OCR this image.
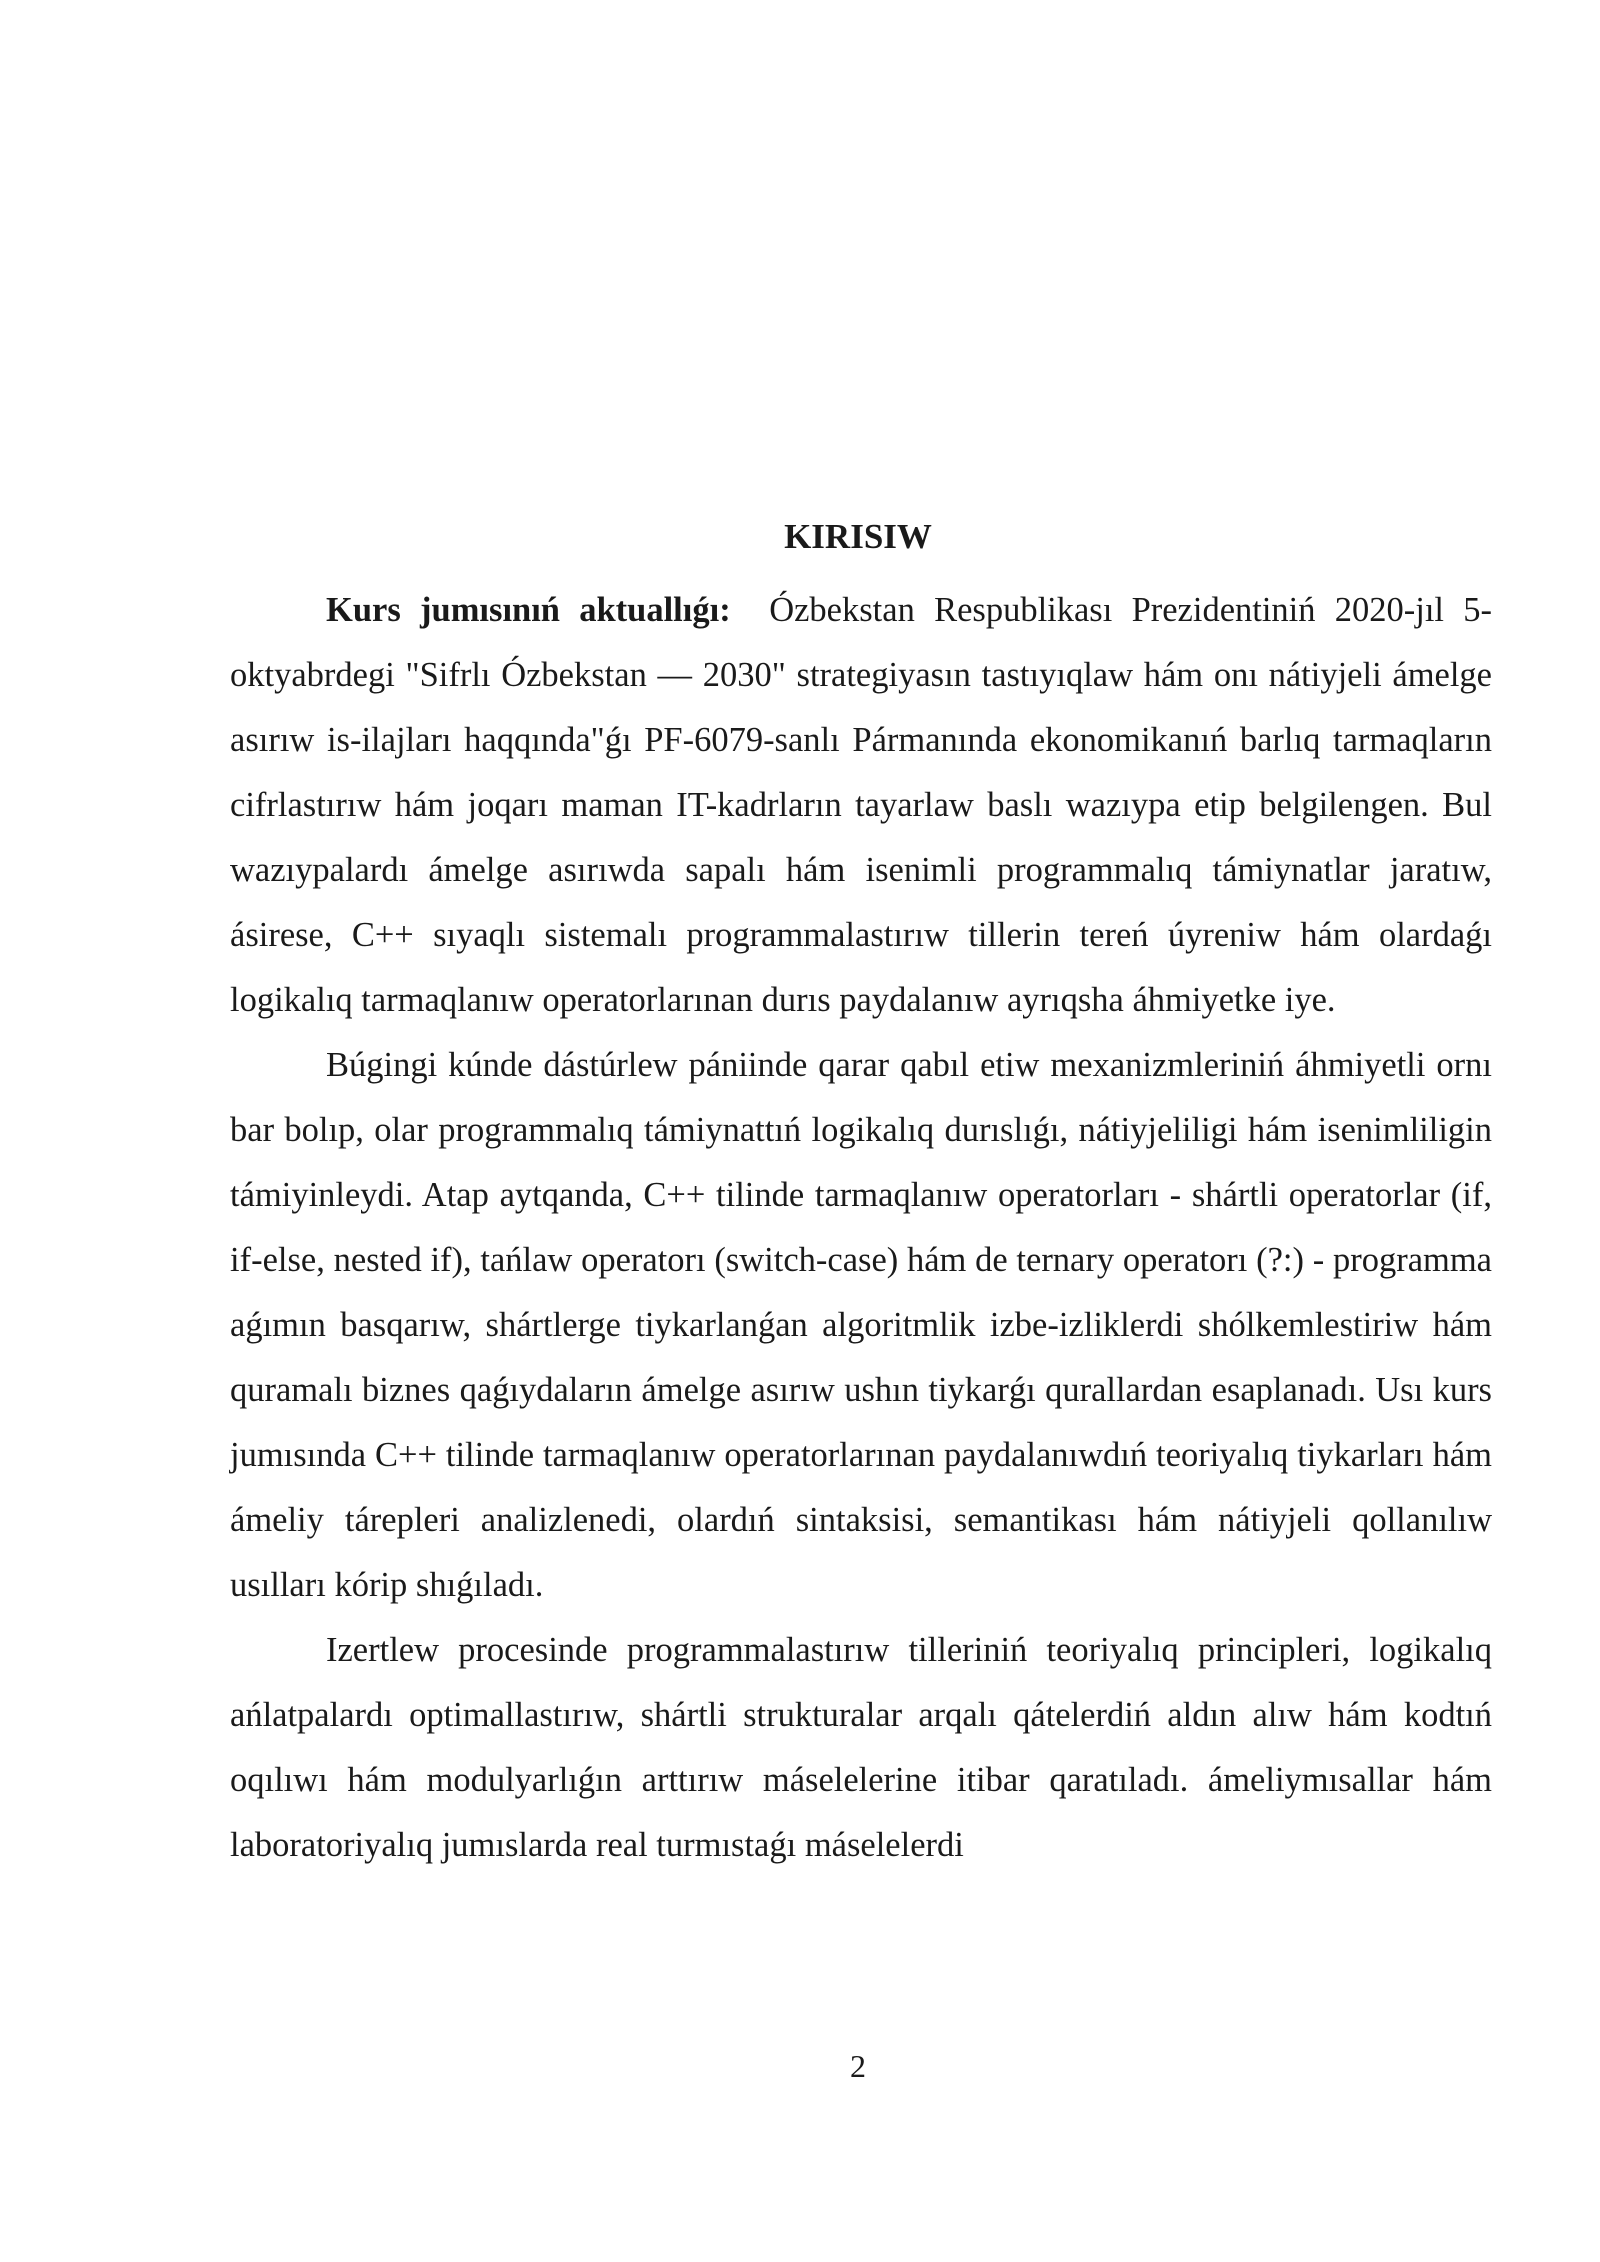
KIRISIW

Kurs jumısınıń aktuallıǵı: Ózbekstan Respublikası Prezidentiniń 2020-jıl 5-oktyabrdegi "Sifrlı Ózbekstan — 2030" strategiyasın tastıyıqlaw hám onı nátiyjeli ámelge asırıw is-ilajları haqqında"ǵı PF-6079-sanlı Pármanında ekonomikanıń barlıq tarmaqların cifrlastırıw hám joqarı maman IT-kadrların tayarlaw baslı wazıypa etip belgilengen. Bul wazıypalardı ámelge asırıwda sapalı hám isenimli programmalıq támiynatlar jaratıw, ásirese, C++ sıyaqlı sistemalı programmalastırıw tillerin tereń úyreniw hám olardaǵı logikalıq tarmaqlanıw operatorlarınan durıs paydalanıw ayrıqsha áhmiyetke iye.

Búgingi kúnde dástúrlew pániinde qarar qabıl etiw mexanizmleriniń áhmiyetli ornı bar bolıp, olar programmalıq támiynattıń logikalıq durıslıǵı, nátiyjeliligi hám isenimliligin támiyinleydi. Atap aytqanda, C++ tilinde tarmaqlanıw operatorları - shártli operatorlar (if, if-else, nested if), tańlaw operatorı (switch-case) hám de ternary operatorı (?:) - programma aǵımın basqarıw, shártlerge tiykarlanǵan algoritmlik izbe-izliklerdi shólkemlestiriw hám quramalı biznes qaǵıydaların ámelge asırıw ushın tiykarǵı qurallardan esaplanadı. Usı kurs jumısında C++ tilinde tarmaqlanıw operatorlarınan paydalanıwdıń teoriyalıq tiykarları hám ámeliy tárepleri analizlenedi, olardıń sintaksisi, semantikası hám nátiyjeli qollanılıw usılları kórip shıǵıladı.

Izertlew procesinde programmalastırıw tilleriniń teoriyalıq principleri, logikalıq ańlatpalardı optimallastırıw, shártli strukturalar arqalı qátelerdiń aldın alıw hám kodtıń oqılıwı hám modulyarlıǵın arttırıw máselelerine itibar qaratıladı. ámeliymısallar hám laboratoriyalıq jumıslarda real turmıstaǵı máselelerdi

2
